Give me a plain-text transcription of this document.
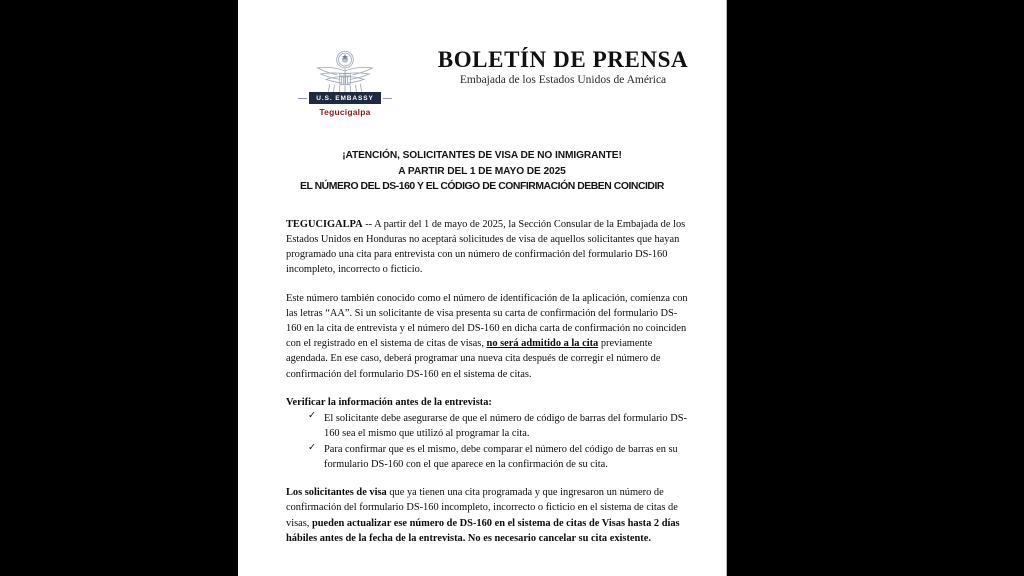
U.S. EMBASSY
Tegucigalpa
BOLETÍN DE PRENSA
Embajada de los Estados Unidos de América
¡ATENCIÓN, SOLICITANTES DE VISA DE NO INMIGRANTE!
A PARTIR DEL 1 DE MAYO DE 2025
EL NÚMERO DEL DS-160 Y EL CÓDIGO DE CONFIRMACIÓN DEBEN COINCIDIR

TEGUCIGALPA -- A partir del 1 de mayo de 2025, la Sección Consular de la Embajada de los Estados Unidos en Honduras no aceptará solicitudes de visa de aquellos solicitantes que hayan programado una cita para entrevista con un número de confirmación del formulario DS-160 incompleto, incorrecto o ficticio.

Este número también conocido como el número de identificación de la aplicación, comienza con las letras “AA”. Si un solicitante de visa presenta su carta de confirmación del formulario DS-160 en la cita de entrevista y el número del DS-160 en dicha carta de confirmación no coinciden con el registrado en el sistema de citas de visas, no será admitido a la cita previamente agendada. En ese caso, deberá programar una nueva cita después de corregir el número de confirmación del formulario DS-160 en el sistema de citas.

Verificar la información antes de la entrevista:

✓ El solicitante debe asegurarse de que el número de código de barras del formulario DS-160 sea el mismo que utilizó al programar la cita.
✓ Para confirmar que es el mismo, debe comparar el número del código de barras en su formulario DS-160 con el que aparece en la confirmación de su cita.

Los solicitantes de visa que ya tienen una cita programada y que ingresaron un número de confirmación del formulario DS-160 incompleto, incorrecto o ficticio en el sistema de citas de visas, pueden actualizar ese número de DS-160 en el sistema de citas de Visas hasta 2 días hábiles antes de la fecha de la entrevista. No es necesario cancelar su cita existente.
